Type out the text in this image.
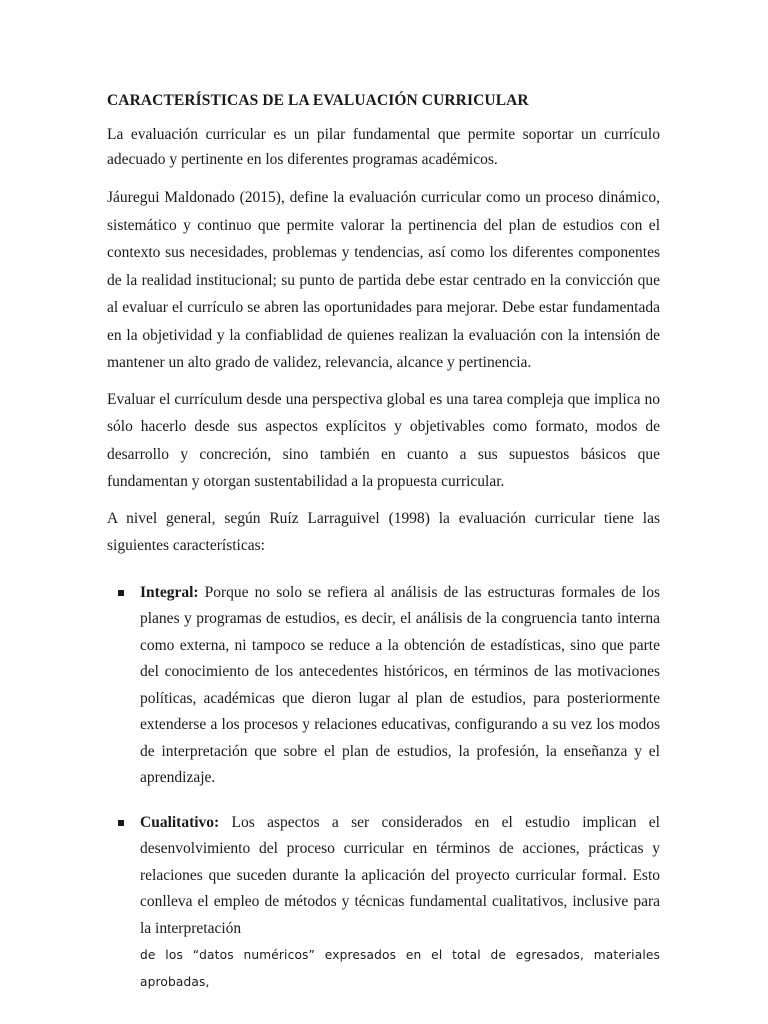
CARACTERÍSTICAS DE LA EVALUACIÓN CURRICULAR

La evaluación curricular es un pilar fundamental que permite soportar un currículo adecuado y pertinente en los diferentes programas académicos.

Jáuregui Maldonado (2015), define la evaluación curricular como un proceso dinámico, sistemático y continuo que permite valorar la pertinencia del plan de estudios con el contexto sus necesidades, problemas y tendencias, así como los diferentes componentes de la realidad institucional; su punto de partida debe estar centrado en la convicción que al evaluar el currículo se abren las oportunidades para mejorar. Debe estar fundamentada en la objetividad y la confiablidad de quienes realizan la evaluación con la intensión de mantener un alto grado de validez, relevancia, alcance y pertinencia.

Evaluar el currículum desde una perspectiva global es una tarea compleja que implica no sólo hacerlo desde sus aspectos explícitos y objetivables como formato, modos de desarrollo y concreción, sino también en cuanto a sus supuestos básicos que fundamentan y otorgan sustentabilidad a la propuesta curricular.

A nivel general, según Ruíz Larraguivel (1998) la evaluación curricular tiene las siguientes características:

Integral: Porque no solo se refiera al análisis de las estructuras formales de los planes y programas de estudios, es decir, el análisis de la congruencia tanto interna como externa, ni tampoco se reduce a la obtención de estadísticas, sino que parte del conocimiento de los antecedentes históricos, en términos de las motivaciones políticas, académicas que dieron lugar al plan de estudios, para posteriormente extenderse a los procesos y relaciones educativas, configurando a su vez los modos de interpretación que sobre el plan de estudios, la profesión, la enseñanza y el aprendizaje.
Cualitativo: Los aspectos a ser considerados en el estudio implican el desenvolvimiento del proceso curricular en términos de acciones, prácticas y relaciones que suceden durante la aplicación del proyecto curricular formal. Esto conlleva el empleo de métodos y técnicas fundamental cualitativos, inclusive para la interpretación
de los “datos numéricos” expresados en el total de egresados, materiales aprobadas,
